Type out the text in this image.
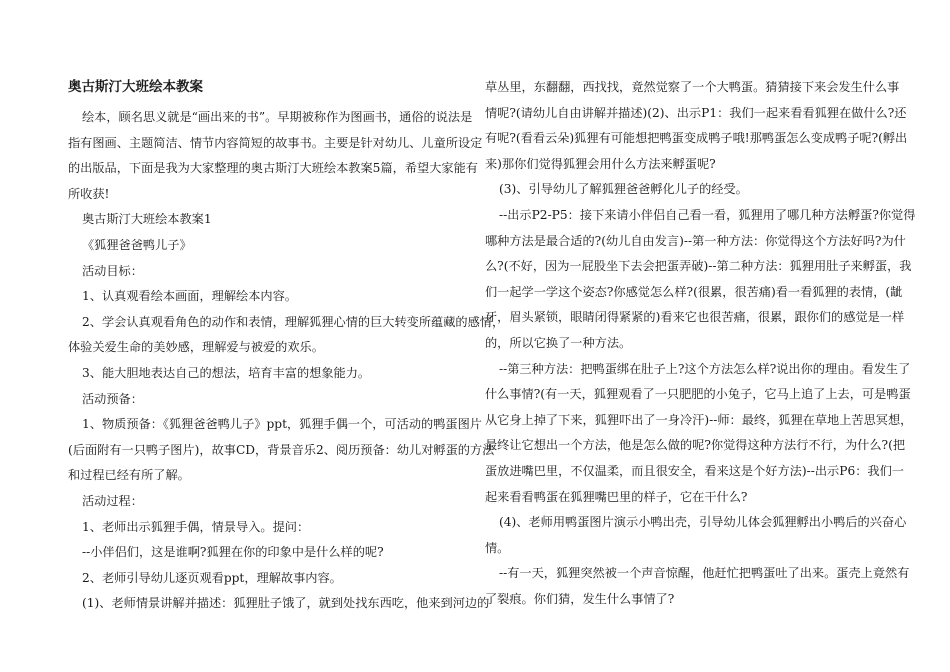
奥古斯汀大班绘本教案
绘本，顾名思义就是“画出来的书”。早期被称作为图画书，通俗的说法是
指有图画、主题简洁、情节内容简短的故事书。主要是针对幼儿、儿童所设定
的出版品，下面是我为大家整理的奥古斯汀大班绘本教案5篇，希望大家能有
所收获!
奥古斯汀大班绘本教案1
《狐狸爸爸鸭儿子》
活动目标：
1、认真观看绘本画面，理解绘本内容。
2、学会认真观看角色的动作和表情，理解狐狸心情的巨大转变所蕴藏的感情，
体验关爱生命的美妙感，理解爱与被爱的欢乐。
3、能大胆地表达自己的想法，培育丰富的想象能力。
活动预备：
1、物质预备：《狐狸爸爸鸭儿子》ppt，狐狸手偶一个，可活动的鸭蛋图片
(后面附有一只鸭子图片)，故事CD，背景音乐2、阅历预备：幼儿对孵蛋的方法
和过程已经有所了解。
活动过程：
1、老师出示狐狸手偶，情景导入。提问：
--小伴侣们，这是谁啊?狐狸在你的印象中是什么样的呢?
2、老师引导幼儿逐页观看ppt，理解故事内容。
(1)、老师情景讲解并描述：狐狸肚子饿了，就到处找东西吃，他来到河边的
草丛里，东翻翻，西找找，竟然觉察了一个大鸭蛋。猜猜接下来会发生什么事
情呢?(请幼儿自由讲解并描述)(2)、出示P1：我们一起来看看狐狸在做什么?还
有呢?(看看云朵)狐狸有可能想把鸭蛋变成鸭子哦!那鸭蛋怎么变成鸭子呢?(孵出
来)那你们觉得狐狸会用什么方法来孵蛋呢?
(3)、引导幼儿了解狐狸爸爸孵化儿子的经受。
--出示P2-P5：接下来请小伴侣自己看一看，狐狸用了哪几种方法孵蛋?你觉得
哪种方法是最合适的?(幼儿自由发言)--第一种方法：你觉得这个方法好吗?为什
么?(不好，因为一屁股坐下去会把蛋弄破)--第二种方法：狐狸用肚子来孵蛋，我
们一起学一学这个姿态?你感觉怎么样?(很累，很苦痛)看一看狐狸的表情，(龇
牙，眉头紧锁，眼睛闭得紧紧的)看来它也很苦痛，很累，跟你们的感觉是一样
的，所以它换了一种方法。
--第三种方法：把鸭蛋绑在肚子上?这个方法怎么样?说出你的理由。看发生了
什么事情?(有一天，狐狸观看了一只肥肥的小兔子，它马上追了上去，可是鸭蛋
从它身上掉了下来，狐狸吓出了一身冷汗)--师：最终，狐狸在草地上苦思冥想，
最终让它想出一个方法，他是怎么做的呢?你觉得这种方法行不行，为什么?(把
蛋放进嘴巴里，不仅温柔，而且很安全，看来这是个好方法)--出示P6：我们一
起来看看鸭蛋在狐狸嘴巴里的样子，它在干什么?
(4)、老师用鸭蛋图片演示小鸭出壳，引导幼儿体会狐狸孵出小鸭后的兴奋心
情。
--有一天，狐狸突然被一个声音惊醒，他赶忙把鸭蛋吐了出来。蛋壳上竟然有
了裂痕。你们猜，发生什么事情了?
